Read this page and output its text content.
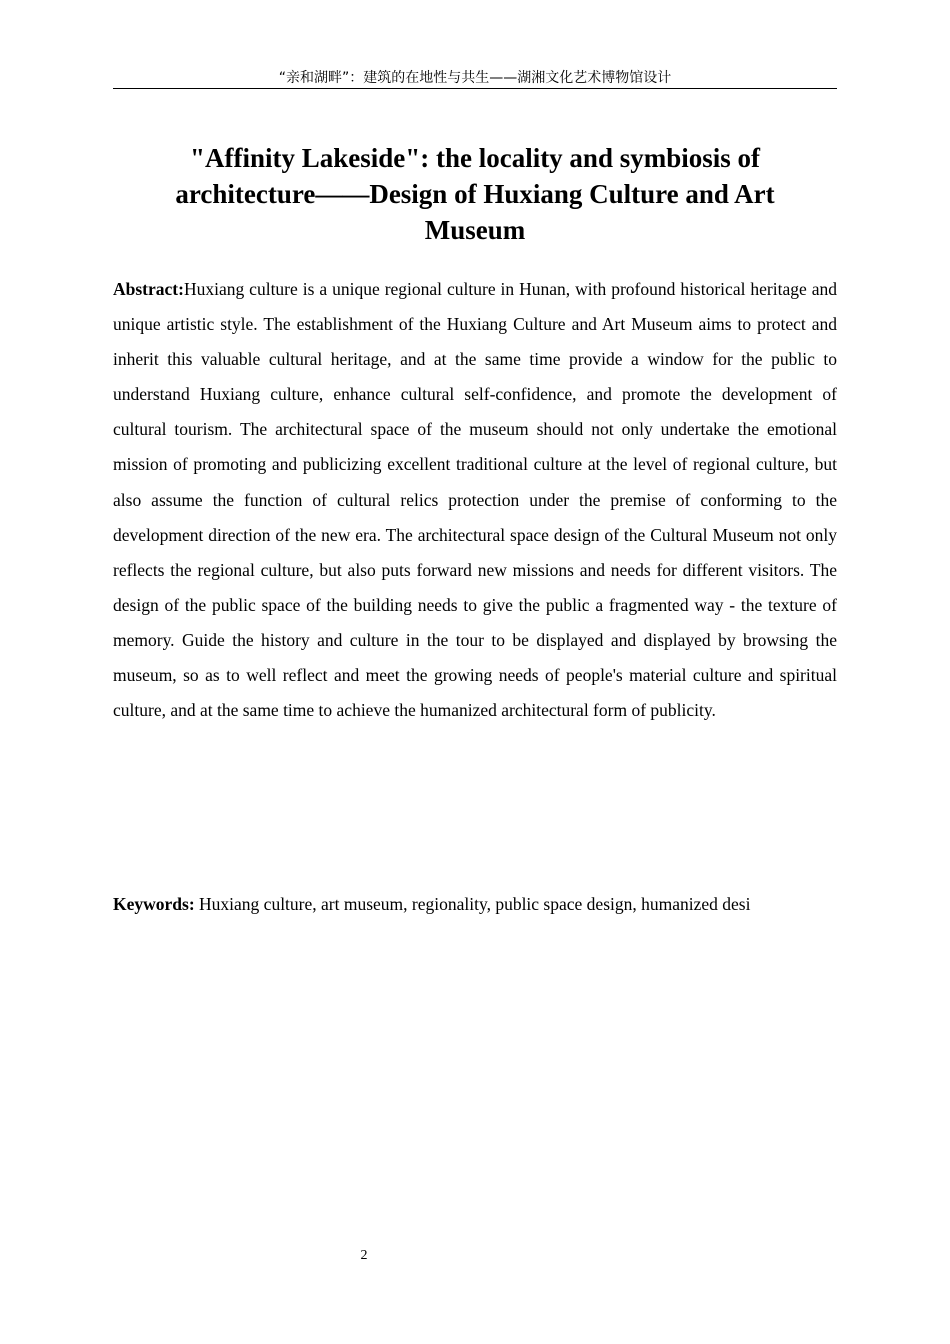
“亲和湖畔”：建筑的在地性与共生——湖湘文化艺术博物馆设计
"Affinity Lakeside": the locality and symbiosis of architecture——Design of Huxiang Culture and Art Museum

Abstract:Huxiang culture is a unique regional culture in Hunan, with profound historical heritage and unique artistic style. The establishment of the Huxiang Culture and Art Museum aims to protect and inherit this valuable cultural heritage, and at the same time provide a window for the public to understand Huxiang culture, enhance cultural self-confidence, and promote the development of cultural tourism. The architectural space of the museum should not only undertake the emotional mission of promoting and publicizing excellent traditional culture at the level of regional culture, but also assume the function of cultural relics protection under the premise of conforming to the development direction of the new era. The architectural space design of the Cultural Museum not only reflects the regional culture, but also puts forward new missions and needs for different visitors. The design of the public space of the building needs to give the public a fragmented way - the texture of memory. Guide the history and culture in the tour to be displayed and displayed by browsing the museum, so as to well reflect and meet the growing needs of people's material culture and spiritual culture, and at the same time to achieve the humanized architectural form of publicity.

Keywords: Huxiang culture, art museum, regionality, public space design, humanized desi

2
